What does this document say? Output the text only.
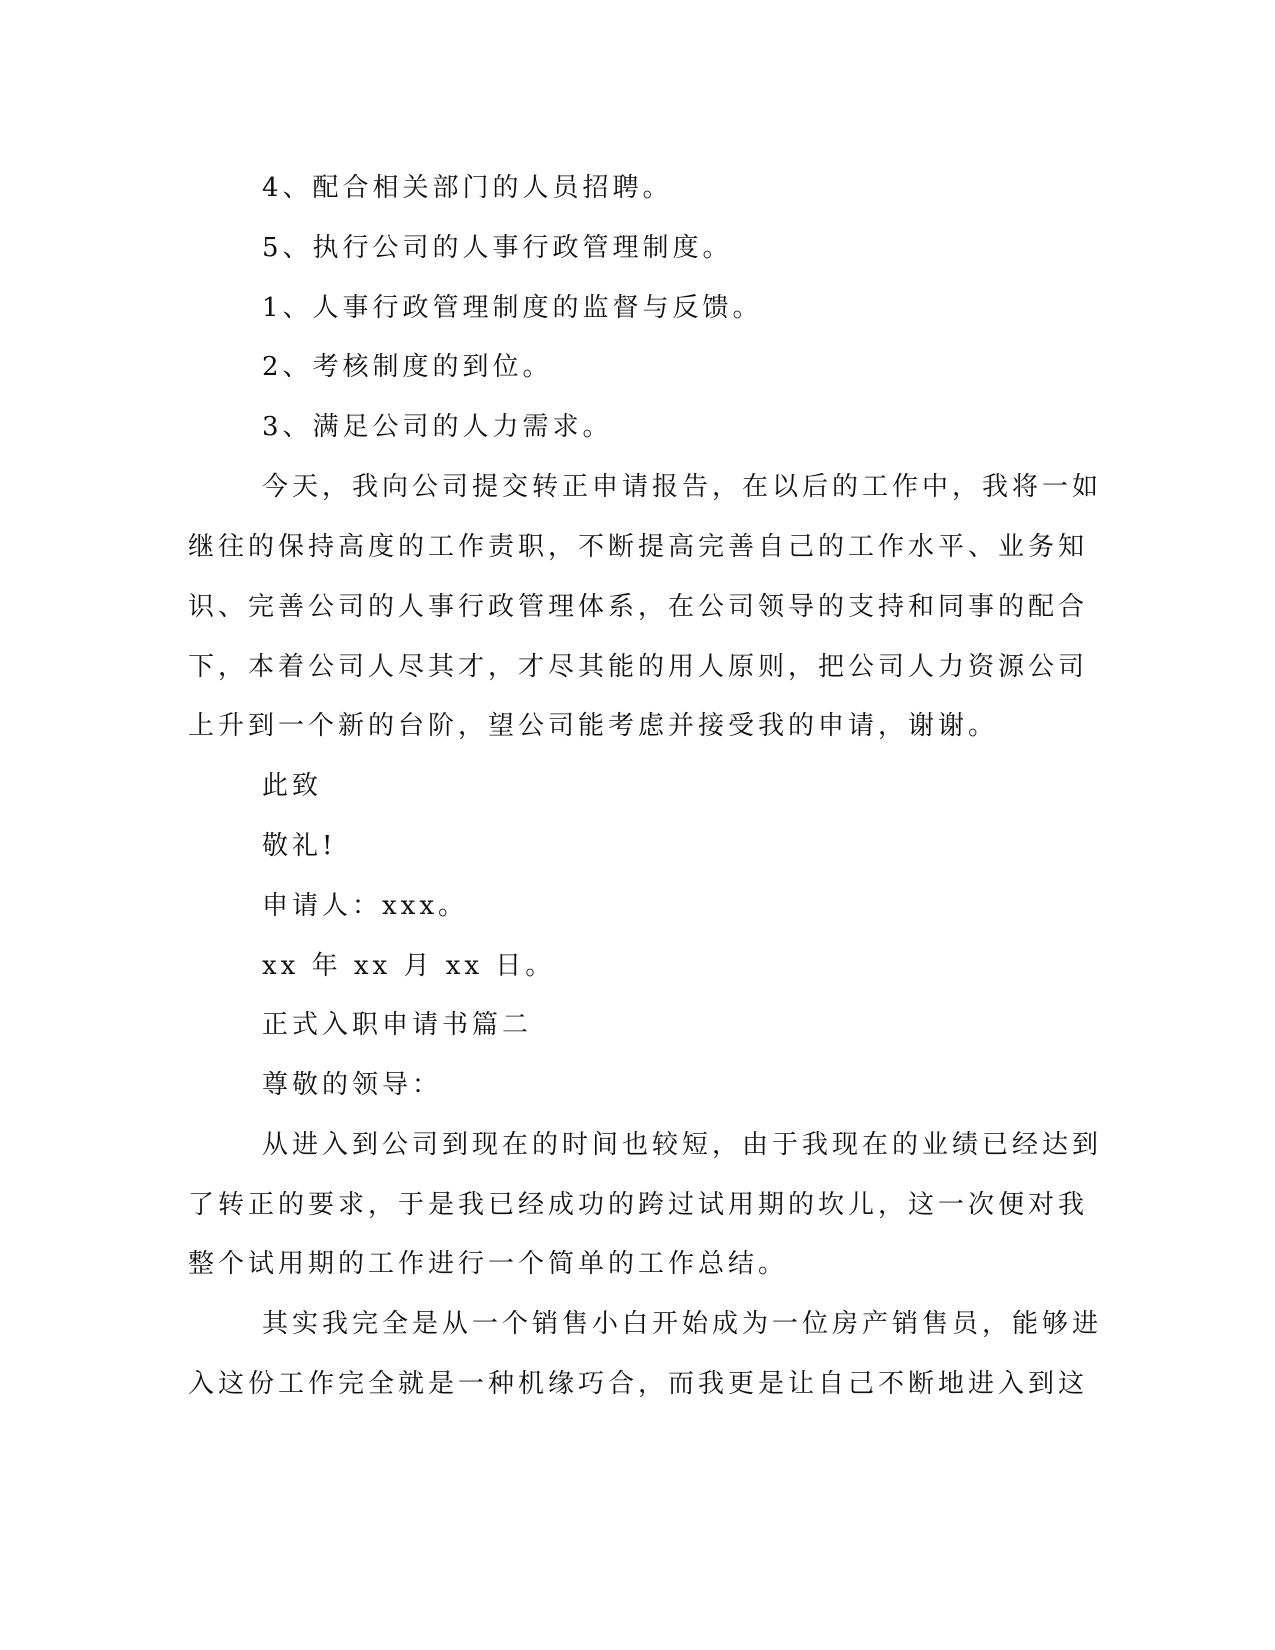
4、配合相关部门的人员招聘。

5、执行公司的人事行政管理制度。

1、人事行政管理制度的监督与反馈。

2、考核制度的到位。

3、满足公司的人力需求。

今天，我向公司提交转正申请报告，在以后的工作中，我将一如

继往的保持高度的工作责职，不断提高完善自己的工作水平、业务知

识、完善公司的人事行政管理体系，在公司领导的支持和同事的配合

下，本着公司人尽其才，才尽其能的用人原则，把公司人力资源公司

上升到一个新的台阶，望公司能考虑并接受我的申请，谢谢。

此致

敬礼!

申请人：xxx。

xx 年 xx 月 xx 日。

正式入职申请书篇二

尊敬的领导：

从进入到公司到现在的时间也较短，由于我现在的业绩已经达到

了转正的要求，于是我已经成功的跨过试用期的坎儿，这一次便对我

整个试用期的工作进行一个简单的工作总结。

其实我完全是从一个销售小白开始成为一位房产销售员，能够进

入这份工作完全就是一种机缘巧合，而我更是让自己不断地进入到这
